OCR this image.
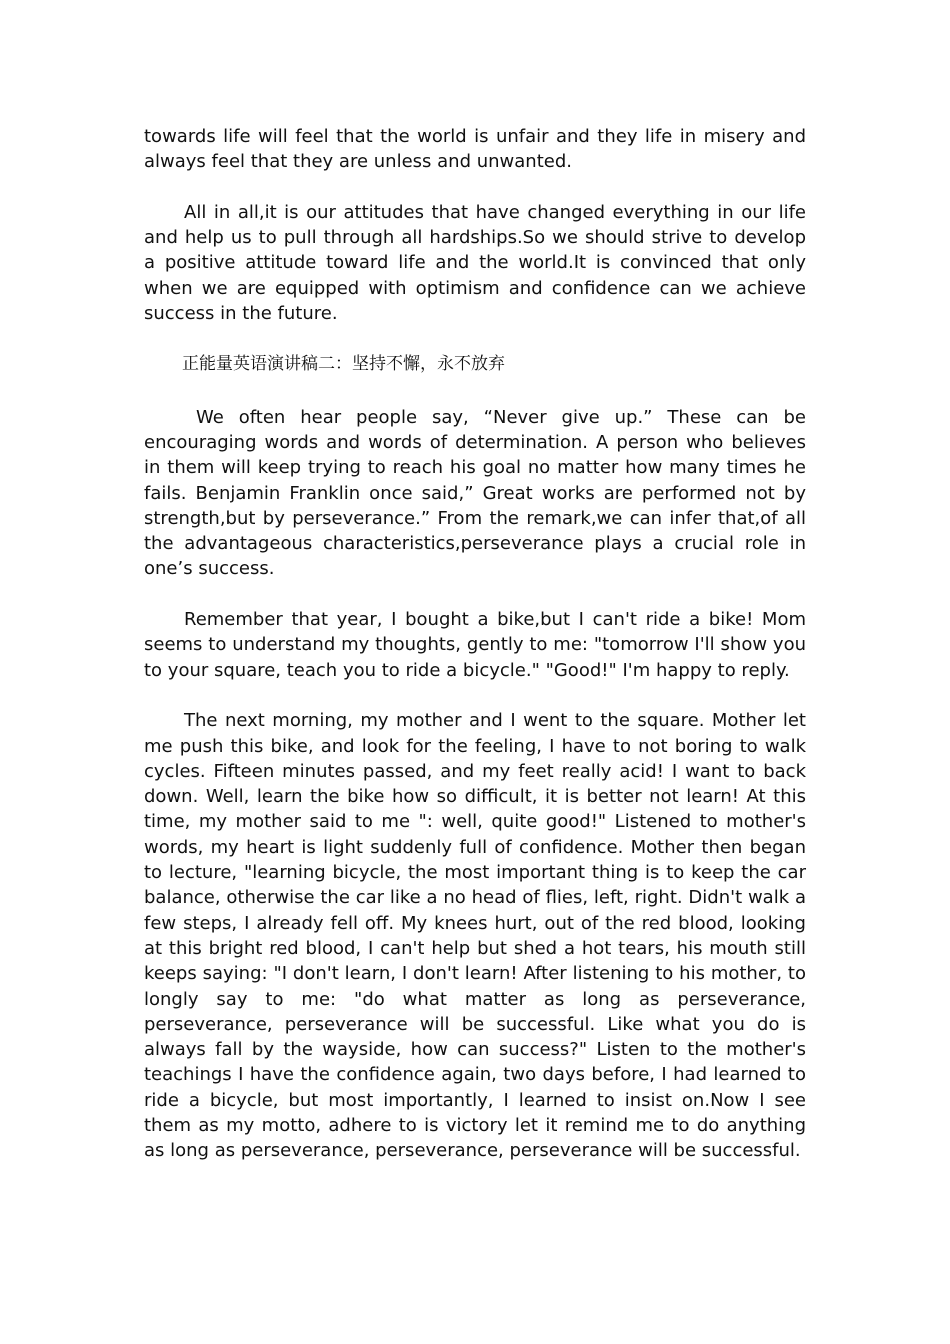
towards life will feel that the world is unfair and they life in misery and always feel that they are unless and unwanted.

All in all,it is our attitudes that have changed everything in our life and help us to pull through all hardships.So we should strive to develop a positive attitude toward life and the world.It is convinced that only when we are equipped with optimism and confidence can we achieve success in the future.

正能量英语演讲稿二：坚持不懈，永不放弃

We often hear people say, “Never give up.” These can be encouraging words and words of determination. A person who believes in them will keep trying to reach his goal no matter how many times he fails. Benjamin Franklin once said,” Great works are performed not by strength,but by perseverance.” From the remark,we can infer that,of all the advantageous characteristics,perseverance plays a crucial role in one’s success.

Remember that year, I bought a bike,but I can't ride a bike! Mom seems to understand my thoughts, gently to me: "tomorrow I'll show you to your square, teach you to ride a bicycle." "Good!" I'm happy to reply.

The next morning, my mother and I went to the square. Mother let me push this bike, and look for the feeling, I have to not boring to walk cycles. Fifteen minutes passed, and my feet really acid! I want to back down. Well, learn the bike how so difficult, it is better not learn! At this time, my mother said to me ": well, quite good!" Listened to mother's words, my heart is light suddenly full of confidence. Mother then began to lecture, "learning bicycle, the most important thing is to keep the car balance, otherwise the car like a no head of flies, left, right. Didn't walk a few steps, I already fell off. My knees hurt, out of the red blood, looking at this bright red blood, I can't help but shed a hot tears, his mouth still keeps saying: "I don't learn, I don't learn! After listening to his mother, to longly say to me: "do what matter as long as perseverance, perseverance, perseverance will be successful. Like what you do is always fall by the wayside, how can success?" Listen to the mother's teachings I have the confidence again, two days before, I had learned to ride a bicycle, but most importantly, I learned to insist on.Now I see them as my motto, adhere to is victory let it remind me to do anything as long as perseverance, perseverance, perseverance will be successful.
